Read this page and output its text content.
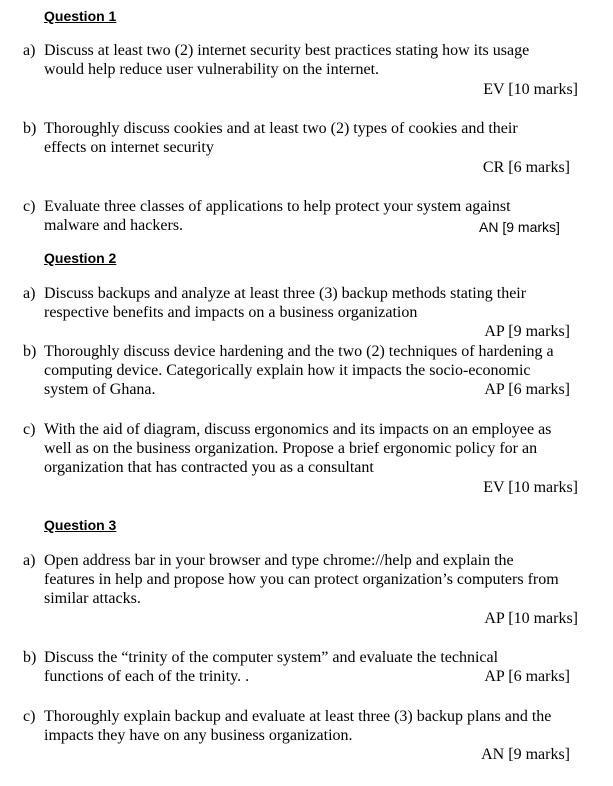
Question 1
a) Discuss at least two (2) internet security best practices stating how its usage
would help reduce user vulnerability on the internet.
EV [10 marks]
b) Thoroughly discuss cookies and at least two (2) types of cookies and their
effects on internet security
CR [6 marks]
c) Evaluate three classes of applications to help protect your system against
malware and hackers.	AN [9 marks]
Question 2
a) Discuss backups and analyze at least three (3) backup methods stating their
respective benefits and impacts on a business organization
AP [9 marks]
b) Thoroughly discuss device hardening and the two (2) techniques of hardening a
computing device. Categorically explain how it impacts the socio-economic
system of Ghana.	AP [6 marks]
c) With the aid of diagram, discuss ergonomics and its impacts on an employee as
well as on the business organization. Propose a brief ergonomic policy for an
organization that has contracted you as a consultant
EV [10 marks]
Question 3
a) Open address bar in your browser and type chrome://help and explain the
features in help and propose how you can protect organization’s computers from
similar attacks.
AP [10 marks]
b) Discuss the “trinity of the computer system” and evaluate the technical
functions of each of the trinity. .	AP [6 marks]
c) Thoroughly explain backup and evaluate at least three (3) backup plans and the
impacts they have on any business organization.
AN [9 marks]
